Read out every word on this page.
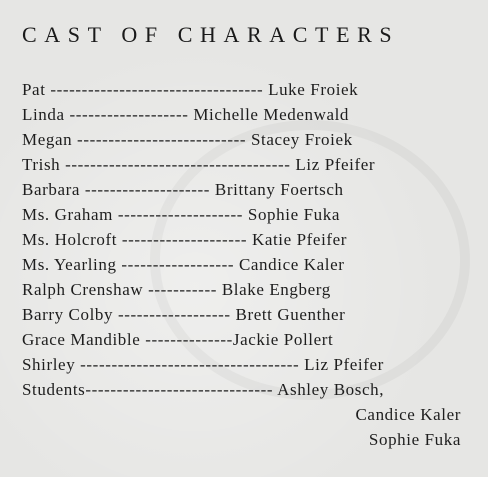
CAST OF CHARACTERS
Pat ---------------------------------- Luke Froiek
Linda ------------------- Michelle Medenwald
Megan --------------------------- Stacey Froiek
Trish ------------------------------------ Liz Pfeifer
Barbara -------------------- Brittany Foertsch
Ms. Graham -------------------- Sophie Fuka
Ms. Holcroft -------------------- Katie Pfeifer
Ms. Yearling ------------------ Candice Kaler
Ralph Crenshaw ----------- Blake Engberg
Barry Colby ------------------ Brett Guenther
Grace Mandible --------------Jackie Pollert
Shirley ----------------------------------- Liz Pfeifer
Students------------------------------ Ashley Bosch,
Candice Kaler
Sophie Fuka
